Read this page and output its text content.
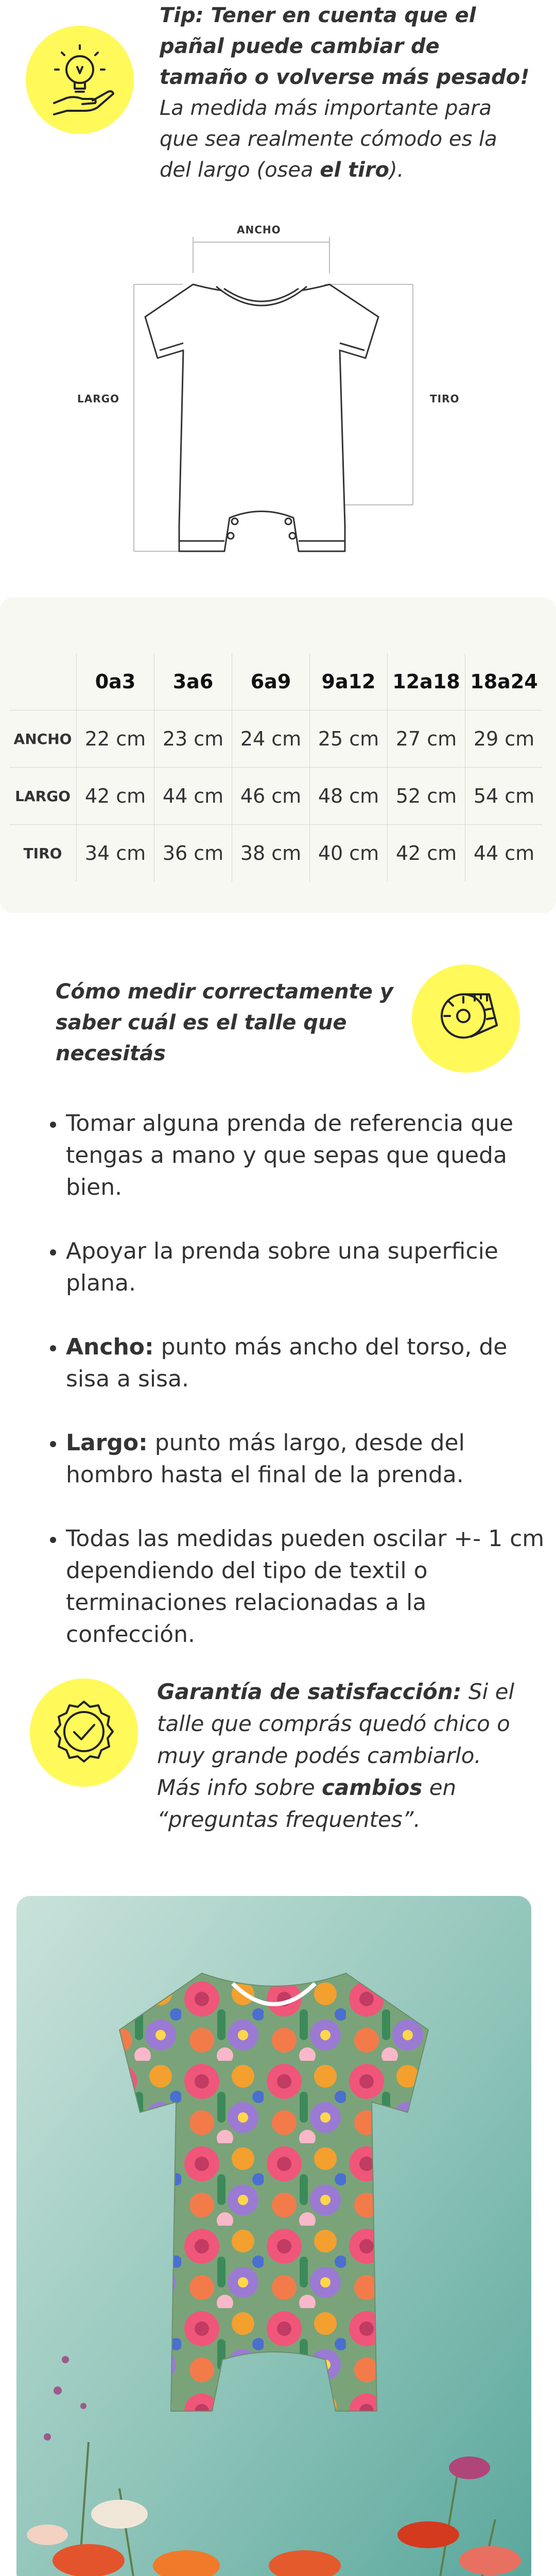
Tip: Tener en cuenta que el pañal puede cambiar de tamaño o volverse más pesado! La medida más importante para que sea realmente cómodo es la del largo (osea el tiro).
ANCHO
LARGO	TIRO
	0a3	3a6	6a9	9a12	12a18	18a24
ANCHO	22 cm	23 cm	24 cm	25 cm	27 cm	29 cm
LARGO	42 cm	44 cm	46 cm	48 cm	52 cm	54 cm
TIRO	34 cm	36 cm	38 cm	40 cm	42 cm	44 cm
Cómo medir correctamente y saber cuál es el talle que necesitás
• Tomar alguna prenda de referencia que tengas a mano y que sepas que queda bien.
• Apoyar la prenda sobre una superficie plana.
• Ancho: punto más ancho del torso, de sisa a sisa.
• Largo: punto más largo, desde del hombro hasta el final de la prenda.
• Todas las medidas pueden oscilar +- 1 cm dependiendo del tipo de textil o terminaciones relacionadas a la confección.
Garantía de satisfacción: Si el talle que comprás quedó chico o muy grande podés cambiarlo. Más info sobre cambios en “preguntas frequentes”.
